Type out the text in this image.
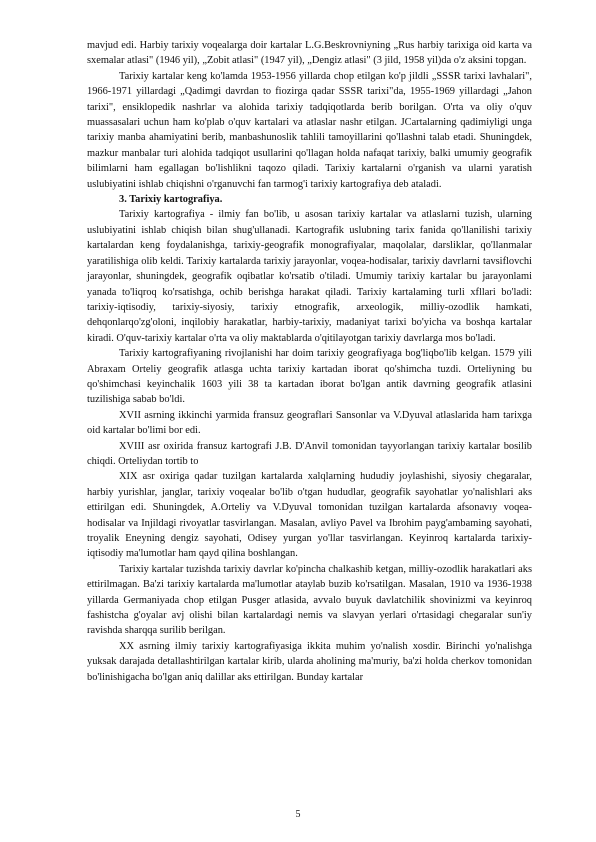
mavjud edi. Harbiy tarixiy voqealarga doir kartalar L.G.Beskrovniyning „Rus harbiy tarixiga oid karta va sxemalar atlasi" (1946 yil), „Zobit atlasi" (1947 yil), „Dengiz atlasi" (3 jild, 1958 yil)da o'z aksini topgan.

Tarixiy kartalar keng ko'lamda 1953-1956 yillarda chop etilgan ko'p jildli „SSSR tarixi lavhalari", 1966-1971 yillardagi „Qadimgi davrdan to fiozirga qadar SSSR tarixi"da, 1955-1969 yillardagi „Jahon tarixi", ensiklopedik nashrlar va alohida tarixiy tadqiqotlarda berib borilgan. O'rta va oliy o'quv muassasalari uchun ham ko'plab o'quv kartalari va atlaslar nashr etilgan. JCartalarning qadimiyligi unga tarixiy manba ahamiyatini berib, manbashunoslik tahlili tamoyillarini qo'llashni talab etadi. Shuningdek, mazkur manbalar turi alohida tadqiqot usullarini qo'llagan holda nafaqat tarixiy, balki umumiy geografik bilimlarni ham egallagan bo'lishlikni taqozo qiladi. Tarixiy kartalarni o'rganish va ularni yaratish uslubiyatini ishlab chiqishni o'rganuvchi fan tarmog'i tarixiy kartografiya deb ataladi.

3. Tarixiy kartografiya.

Tarixiy kartografiya - ilmiy fan bo'lib, u asosan tarixiy kartalar va atlaslarni tuzish, ularning uslubiyatini ishlab chiqish bilan shug'ullanadi. Kartografik uslubning tarix fanida qo'llanilishi tarixiy kartalardan keng foydalanishga, tarixiy-geografik monografiyalar, maqolalar, darsliklar, qo'llanmalar yaratilishiga olib keldi. Tarixiy kartalarda tarixiy jarayonlar, voqea-hodisalar, tarixiy davrlarni tavsiflovchi jarayonlar, shuningdek, geografik oqibatlar ko'rsatib o'tiladi. Umumiy tarixiy kartalar bu jarayonlami yanada to'liqroq ko'rsatishga, ochib berishga harakat qiladi. Tarixiy kartalaming turli xfllari bo'ladi: tarixiy-iqtisodiy, tarixiy-siyosiy, tarixiy etnografik, arxeologik, milliy-ozodlik hamkati, dehqonlarqo'zg'oloni, inqilobiy harakatlar, harbiy-tarixiy, madaniyat tarixi bo'yicha va boshqa kartalar kiradi. O'quv-tarixiy kartalar o'rta va oliy maktablarda o'qitilayotgan tarixiy davrlarga mos bo'ladi.

Tarixiy kartografiyaning rivojlanishi har doim tarixiy geografiyaga bog'liqbo'lib kelgan. 1579 yili Abraxam Orteliy geografik atlasga uchta tarixiy kartadan iborat qo'shimcha tuzdi. Orteliyning bu qo'shimchasi keyinchalik 1603 yili 38 ta kartadan iborat bo'lgan antik davrning geografik atlasini tuzilishiga sabab bo'ldi.

XVII asrning ikkinchi yarmida fransuz geograflari Sansonlar va V.Dyuval atlaslarida ham tarixga oid kartalar bo'limi bor edi.

XVIII asr oxirida fransuz kartografi J.B. D'Anvil tomonidan tayyorlangan tarixiy kartalar bosilib chiqdi. Orteliydan tortib to

XIX asr oxiriga qadar tuzilgan kartalarda xalqlarning hududiy joylashishi, siyosiy chegaralar, harbiy yurishlar, janglar, tarixiy voqealar bo'lib o'tgan hududlar, geografik sayohatlar yo'nalishlari aks ettirilgan edi. Shuningdek, A.Orteliy va V.Dyuval tomonidan tuzilgan kartalarda afsonavıy voqea-hodisalar va Injildagi rivoyatlar tasvirlangan. Masalan, avliyo Pavel va Ibrohim payg'ambaming sayohati, troyalik Eneyning dengiz sayohati, Odisey yurgan yo'llar tasvirlangan. Keyinroq kartalarda tarixiy-iqtisodiy ma'lumotlar ham qayd qilina boshlangan.

Tarixiy kartalar tuzishda tarixiy davrlar ko'pincha chalkashib ketgan, milliy-ozodlik harakatlari aks ettirilmagan. Ba'zi tarixiy kartalarda ma'lumotlar ataylab buzib ko'rsatilgan. Masalan, 1910 va 1936-1938 yillarda Germaniyada chop etilgan Pusger atlasida, avvalo buyuk davlatchilik shovinizmi va keyinroq fashistcha g'oyalar avj olishi bilan kartalardagi nemis va slavyan yerlari o'rtasidagi chegaralar sun'iy ravishda sharqqa surilib berilgan.

XX asrning ilmiy tarixiy kartografiyasiga ikkita muhim yo'nalish xosdir. Birinchi yo'nalishga yuksak darajada detallashtirilgan kartalar kirib, ularda aholining ma'muriy, ba'zi holda cherkov tomonidan bo'linishigacha bo'lgan aniq dalillar aks ettirilgan. Bunday kartalar

5
